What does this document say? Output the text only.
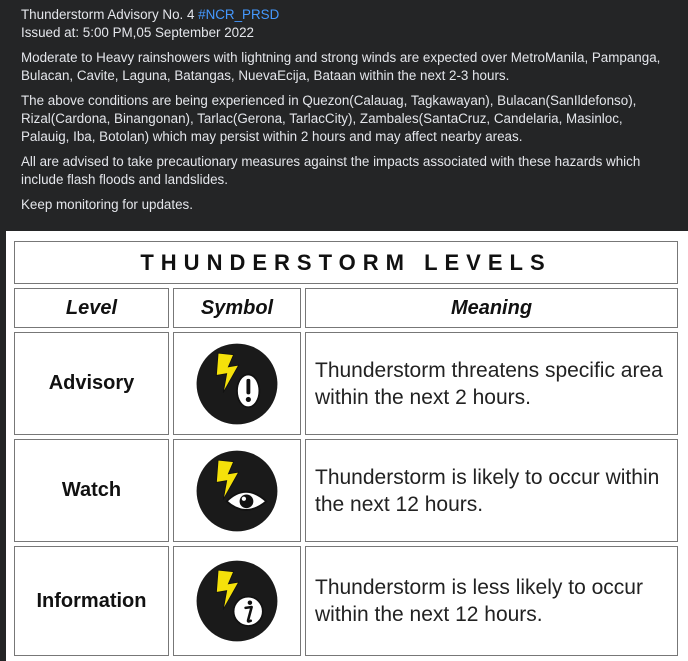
Thunderstorm Advisory No. 4 #NCR_PRSD

Issued at: 5:00 PM,05 September 2022

Moderate to Heavy rainshowers with lightning and strong winds are expected over MetroManila, Pampanga, Bulacan, Cavite, Laguna, Batangas, NuevaEcija, Bataan within the next 2-3 hours.

The above conditions are being experienced in Quezon(Calauag, Tagkawayan), Bulacan(SanIldefonso), Rizal(Cardona, Binangonan), Tarlac(Gerona, TarlacCity), Zambales(SantaCruz, Candelaria, Masinloc, Palauig, Iba, Botolan) which may persist within 2 hours and may affect nearby areas.

All are advised to take precautionary measures against the impacts associated with these hazards which include flash floods and landslides.

Keep monitoring for updates.

THUNDERSTORM LEVELS
Level	Symbol	Meaning
Advisory
Thunderstorm threatens specific area within the next 2 hours.
Watch
Thunderstorm is likely to occur within the next 12 hours.
Information
Thunderstorm is less likely to occur within the next 12 hours.
